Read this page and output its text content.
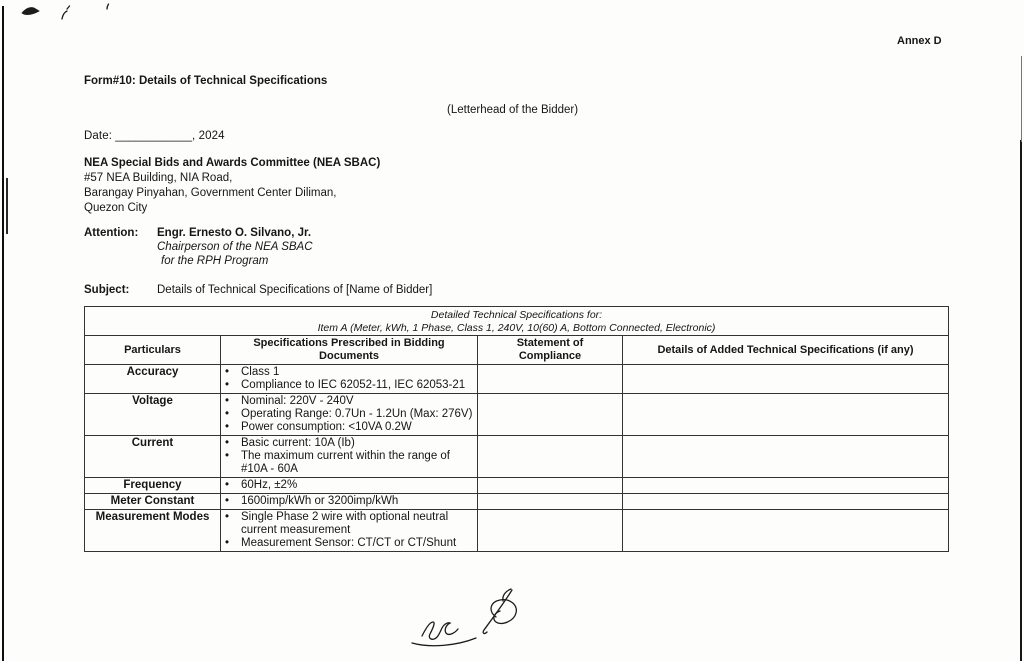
Annex D
Form#10: Details of Technical Specifications
(Letterhead of the Bidder)
Date: ____________, 2024
NEA Special Bids and Awards Committee (NEA SBAC)
#57 NEA Building, NIA Road,
Barangay Pinyahan, Government Center Diliman,
Quezon City
Attention:	Engr. Ernesto O. Silvano, Jr.
Chairperson of the NEA SBAC
for the RPH Program
Subject:	Details of Technical Specifications of [Name of Bidder]
Detailed Technical Specifications for:
Item A (Meter, kWh, 1 Phase, Class 1, 240V, 10(60) A, Bottom Connected, Electronic)			

Particulars	Specifications Prescribed in Bidding Documents	Statement of Compliance	Details of Added Technical Specifications (if any)
Accuracy	• Class 1
• Compliance to IEC 62052-11, IEC 62053-21		

Voltage	•	Nominal: 220V - 240V
•	Operating Range: 0.7Un - 1.2Un (Max: 276V)
•	Power consumption: <10VA 0.2W

Current	• Basic current: 10A (Ib)
• The maximum current within the range of #10A - 60A		

Frequency	• 60Hz, ±2%		

Meter Constant	• 1600imp/kWh or 3200imp/kWh		

Measurement Modes	• Single Phase 2 wire with optional neutral current measurement
• Measurement Sensor: CT/CT or CT/Shunt		
